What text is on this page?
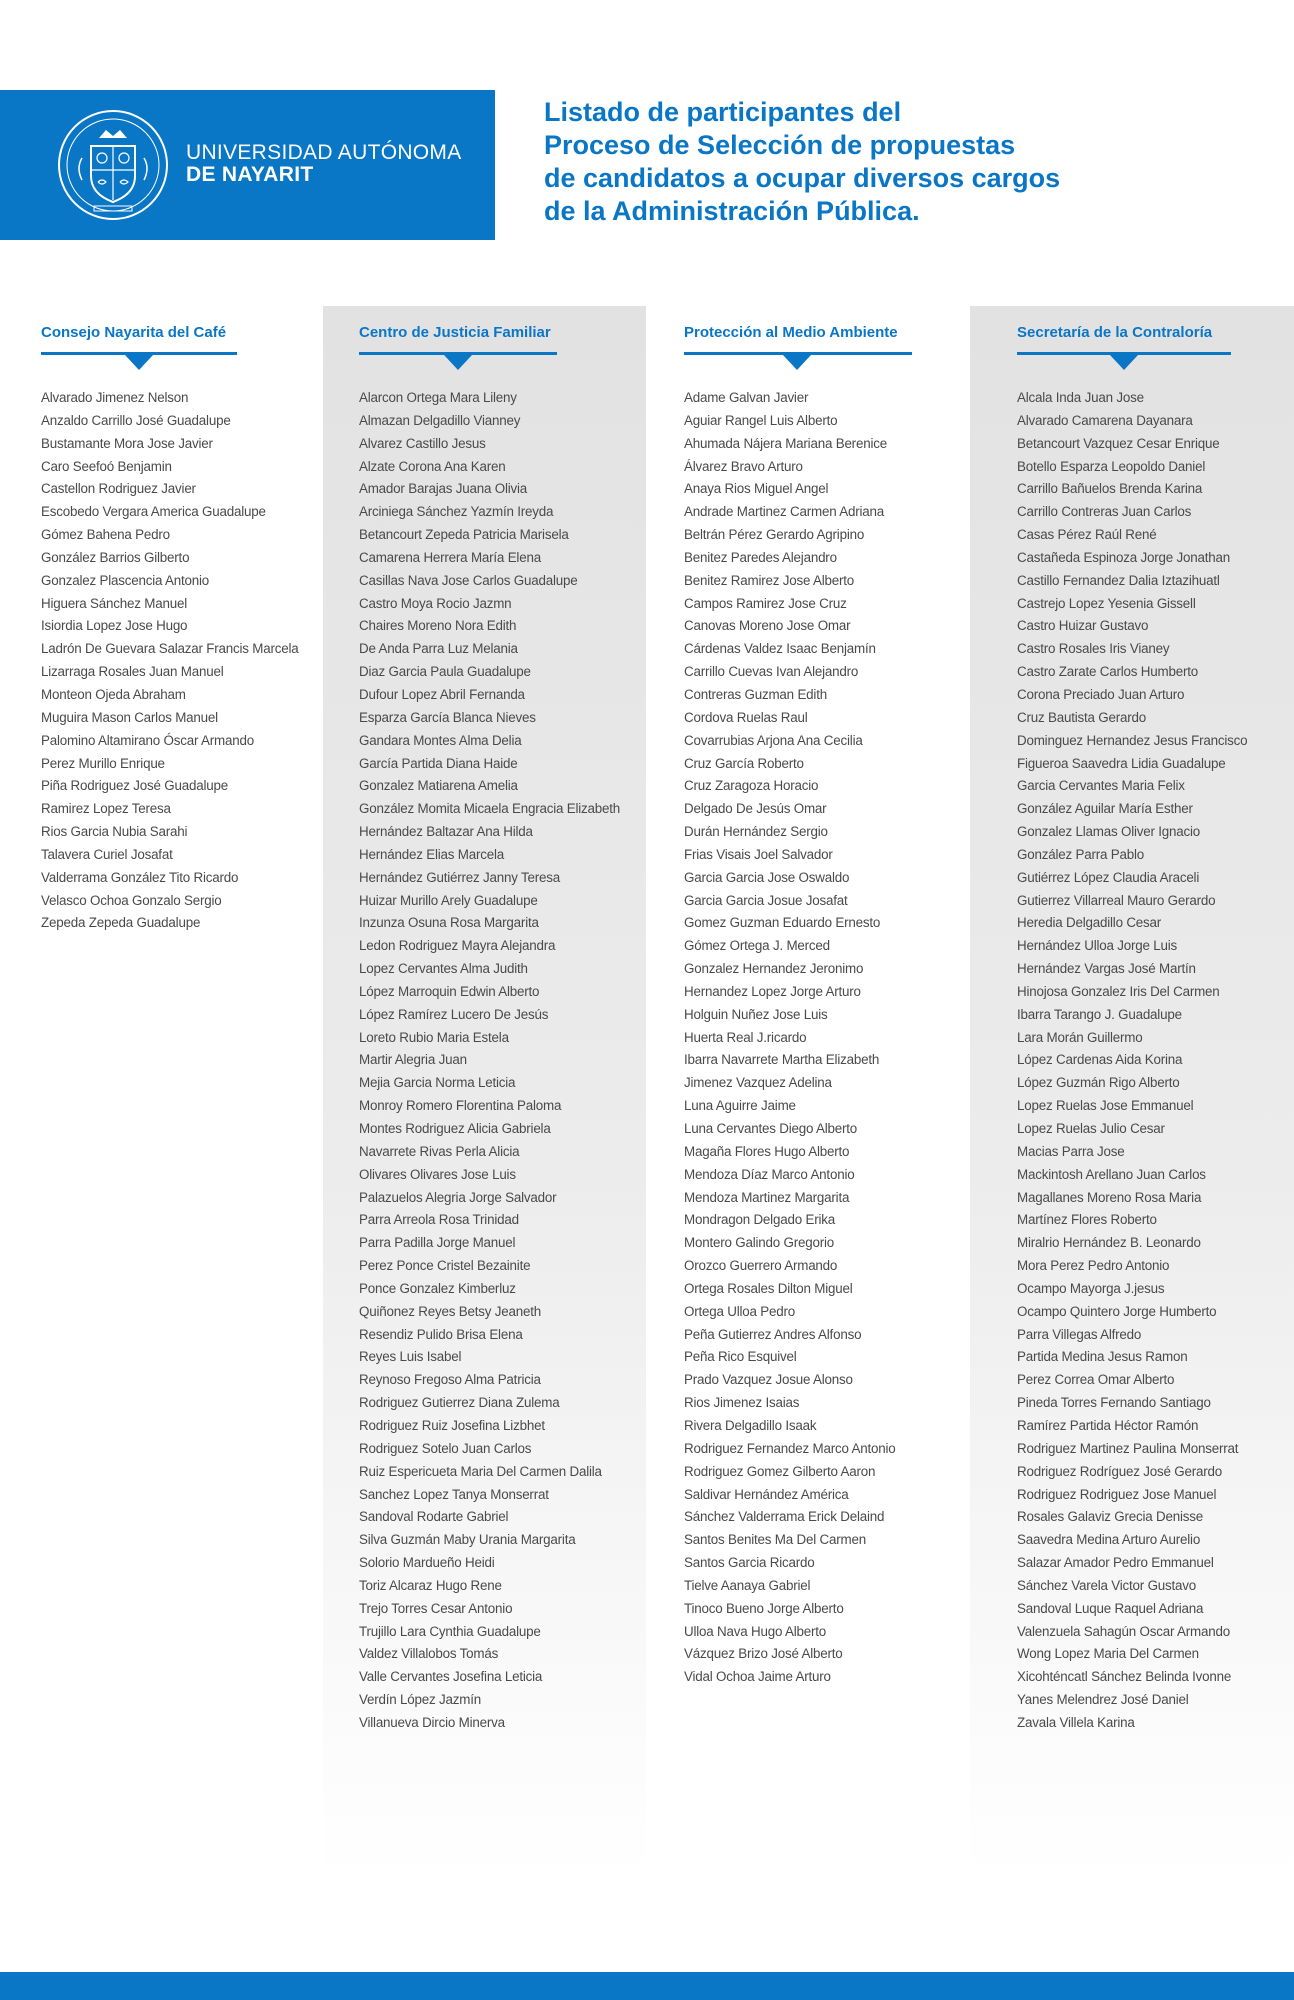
UNIVERSIDAD AUTÓNOMA
DE NAYARIT
Listado de participantes del
Proceso de Selección de propuestas
de candidatos a ocupar diversos cargos
de la Administración Pública.
Consejo Nayarita del Café
Alvarado Jimenez Nelson
Anzaldo Carrillo José Guadalupe
Bustamante Mora Jose Javier
Caro Seefoó Benjamin
Castellon Rodriguez Javier
Escobedo Vergara America Guadalupe
Gómez Bahena Pedro
González Barrios Gilberto
Gonzalez Plascencia Antonio
Higuera Sánchez Manuel
Isiordia Lopez Jose Hugo
Ladrón De Guevara Salazar Francis Marcela
Lizarraga Rosales Juan Manuel
Monteon Ojeda Abraham
Muguira Mason Carlos Manuel
Palomino Altamirano Óscar Armando
Perez Murillo Enrique
Piña Rodriguez José Guadalupe
Ramirez Lopez Teresa
Rios Garcia Nubia Sarahi
Talavera Curiel Josafat
Valderrama González Tito Ricardo
Velasco Ochoa Gonzalo Sergio
Zepeda Zepeda Guadalupe
Centro de Justicia Familiar
Alarcon Ortega Mara Lileny
Almazan Delgadillo Vianney
Alvarez Castillo Jesus
Alzate Corona Ana Karen
Amador Barajas Juana Olivia
Arciniega Sánchez Yazmín Ireyda
Betancourt Zepeda Patricia Marisela
Camarena Herrera María Elena
Casillas Nava Jose Carlos Guadalupe
Castro Moya Rocio Jazmn
Chaires Moreno Nora Edith
De Anda Parra Luz Melania
Diaz Garcia Paula Guadalupe
Dufour Lopez Abril Fernanda
Esparza García Blanca Nieves
Gandara Montes Alma Delia
García Partida Diana Haide
Gonzalez Matiarena Amelia
González Momita Micaela Engracia Elizabeth
Hernández Baltazar Ana Hilda
Hernández Elias Marcela
Hernández Gutiérrez Janny Teresa
Huizar Murillo Arely Guadalupe
Inzunza Osuna Rosa Margarita
Ledon Rodriguez Mayra Alejandra
Lopez Cervantes Alma Judith
López Marroquin Edwin Alberto
López Ramírez Lucero De Jesús
Loreto Rubio Maria Estela
Martir Alegria Juan
Mejia Garcia Norma Leticia
Monroy Romero Florentina Paloma
Montes Rodriguez Alicia Gabriela
Navarrete Rivas Perla Alicia
Olivares Olivares Jose Luis
Palazuelos Alegria Jorge Salvador
Parra Arreola Rosa Trinidad
Parra Padilla Jorge Manuel
Perez Ponce Cristel Bezainite
Ponce Gonzalez Kimberluz
Quiñonez Reyes Betsy Jeaneth
Resendiz Pulido Brisa Elena
Reyes Luis Isabel
Reynoso Fregoso Alma Patricia
Rodriguez Gutierrez Diana Zulema
Rodriguez Ruiz Josefina Lizbhet
Rodriguez Sotelo Juan Carlos
Ruiz Espericueta Maria Del Carmen Dalila
Sanchez Lopez Tanya Monserrat
Sandoval Rodarte Gabriel
Silva Guzmán Maby Urania Margarita
Solorio Mardueño Heidi
Toriz Alcaraz Hugo Rene
Trejo Torres Cesar Antonio
Trujillo Lara Cynthia Guadalupe
Valdez Villalobos Tomás
Valle Cervantes Josefina Leticia
Verdín López Jazmín
Villanueva Dircio Minerva
Protección al Medio Ambiente
Adame Galvan Javier
Aguiar Rangel Luis Alberto
Ahumada Nájera Mariana Berenice
Álvarez Bravo Arturo
Anaya Rios Miguel Angel
Andrade Martinez Carmen Adriana
Beltrán Pérez Gerardo Agripino
Benitez Paredes Alejandro
Benitez Ramirez Jose Alberto
Campos Ramirez Jose Cruz
Canovas Moreno Jose Omar
Cárdenas Valdez Isaac Benjamín
Carrillo Cuevas Ivan Alejandro
Contreras Guzman Edith
Cordova Ruelas Raul
Covarrubias Arjona Ana Cecilia
Cruz García Roberto
Cruz Zaragoza Horacio
Delgado De Jesús Omar
Durán Hernández Sergio
Frias Visais Joel Salvador
Garcia Garcia Jose Oswaldo
Garcia Garcia Josue Josafat
Gomez Guzman Eduardo Ernesto
Gómez Ortega J. Merced
Gonzalez Hernandez Jeronimo
Hernandez Lopez Jorge Arturo
Holguin Nuñez Jose Luis
Huerta Real J.ricardo
Ibarra Navarrete Martha Elizabeth
Jimenez Vazquez Adelina
Luna Aguirre Jaime
Luna Cervantes Diego Alberto
Magaña Flores Hugo Alberto
Mendoza Díaz Marco Antonio
Mendoza Martinez Margarita
Mondragon Delgado Erika
Montero Galindo Gregorio
Orozco Guerrero Armando
Ortega Rosales Dilton Miguel
Ortega Ulloa Pedro
Peña Gutierrez Andres Alfonso
Peña Rico Esquivel
Prado Vazquez Josue Alonso
Rios Jimenez Isaias
Rivera Delgadillo Isaak
Rodriguez Fernandez Marco Antonio
Rodriguez Gomez Gilberto Aaron
Saldivar Hernández América
Sánchez Valderrama Erick Delaind
Santos Benites Ma Del Carmen
Santos Garcia Ricardo
Tielve Aanaya Gabriel
Tinoco Bueno Jorge Alberto
Ulloa Nava Hugo Alberto
Vázquez Brizo José Alberto
Vidal Ochoa Jaime Arturo
Secretaría de la Contraloría
Alcala Inda Juan Jose
Alvarado Camarena Dayanara
Betancourt Vazquez Cesar Enrique
Botello Esparza Leopoldo Daniel
Carrillo Bañuelos Brenda Karina
Carrillo Contreras Juan Carlos
Casas Pérez Raúl René
Castañeda Espinoza Jorge Jonathan
Castillo Fernandez Dalia Iztazihuatl
Castrejo Lopez Yesenia Gissell
Castro Huizar Gustavo
Castro Rosales Iris Vianey
Castro Zarate Carlos Humberto
Corona Preciado Juan Arturo
Cruz Bautista Gerardo
Dominguez Hernandez Jesus Francisco
Figueroa Saavedra Lidia Guadalupe
Garcia Cervantes Maria Felix
González Aguilar María Esther
Gonzalez Llamas Oliver Ignacio
González Parra Pablo
Gutiérrez López Claudia Araceli
Gutierrez Villarreal Mauro Gerardo
Heredia Delgadillo Cesar
Hernández Ulloa Jorge Luis
Hernández Vargas José Martín
Hinojosa Gonzalez Iris Del Carmen
Ibarra Tarango J. Guadalupe
Lara Morán Guillermo
López Cardenas Aida Korina
López Guzmán Rigo Alberto
Lopez Ruelas Jose Emmanuel
Lopez Ruelas Julio Cesar
Macias Parra Jose
Mackintosh Arellano Juan Carlos
Magallanes Moreno Rosa Maria
Martínez Flores Roberto
Miralrio Hernández B. Leonardo
Mora Perez Pedro Antonio
Ocampo Mayorga J.jesus
Ocampo Quintero Jorge Humberto
Parra Villegas Alfredo
Partida Medina Jesus Ramon
Perez Correa Omar Alberto
Pineda Torres Fernando Santiago
Ramírez Partida Héctor Ramón
Rodriguez Martinez Paulina Monserrat
Rodriguez Rodríguez José Gerardo
Rodriguez Rodriguez Jose Manuel
Rosales Galaviz Grecia Denisse
Saavedra Medina Arturo Aurelio
Salazar Amador Pedro Emmanuel
Sánchez Varela Victor Gustavo
Sandoval Luque Raquel Adriana
Valenzuela Sahagún Oscar Armando
Wong Lopez Maria Del Carmen
Xicohténcatl Sánchez Belinda Ivonne
Yanes Melendrez José Daniel
Zavala Villela Karina
